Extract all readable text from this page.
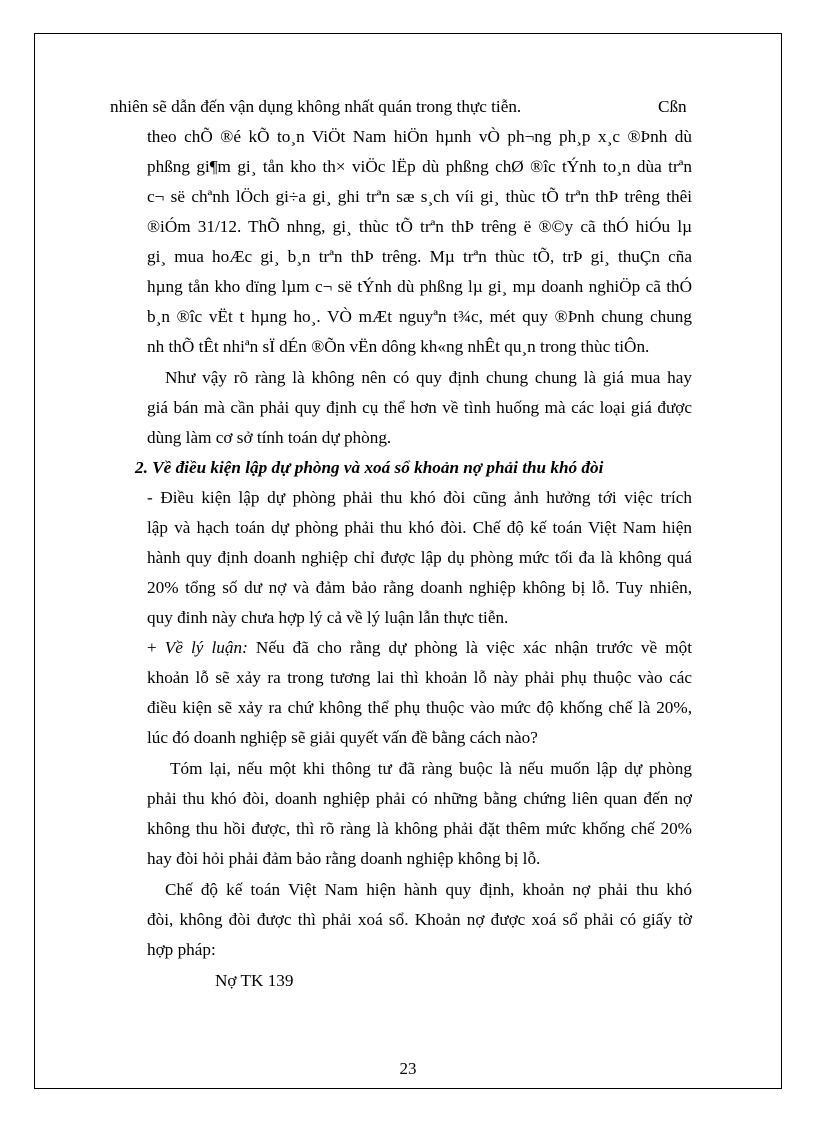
nhiên sẽ dẫn đến vận dụng không nhất quán trong thực tiễn.	Cßn
theo chÕ ®é kÕ to¸n ViÖt Nam hiÖn hµnh vÒ ph¬ng ph¸p x¸c ®Þnh dù
phßng gi¶m gi¸ tån kho th× viÖc lËp dù phßng chØ ®îc tÝnh to¸n dùa trªn
c¬ së chªnh lÖch gi÷a gi¸ ghi trªn sæ s¸ch víi gi¸ thùc tÕ trªn thÞ trêng thêi
®iÓm 31/12. ThÕ nhng, gi¸ thùc tÕ trªn thÞ trêng ë ®©y cã thÓ hiÓu lµ
gi¸ mua hoÆc gi¸ b¸n trªn thÞ trêng. Mµ trªn thùc tÕ, trÞ gi¸ thuÇn cña
hµng tån kho dïng lµm c¬ së tÝnh dù phßng lµ gi¸ mµ doanh nghiÖp cã thÓ
b¸n ®îc vËt t hµng ho¸. VÒ mÆt nguyªn t¾c, mét quy ®Þnh chung chung
nh thÕ tÊt nhiªn sÏ dÉn ®Õn vËn dông kh«ng nhÊt qu¸n trong thùc tiÔn.
Như vậy rõ ràng là không nên có quy định chung chung là giá mua hay
giá bán mà cần phải quy định cụ thể hơn về tình huống mà các loại giá được
dùng làm cơ sở tính toán dự phòng.
2. Về điều kiện lập dự phòng và xoá sổ khoản nợ phải thu khó đòi
- Điều kiện lập dự phòng phải thu khó đòi cũng ảnh hưởng tới việc trích
lập và hạch toán dự phòng phải thu khó đòi. Chế độ kế toán Việt Nam hiện
hành quy định doanh nghiệp chỉ được lập dụ phòng mức tối đa là không quá
20% tổng số dư nợ và đảm bảo rằng doanh nghiệp không bị lỗ. Tuy nhiên,
quy đinh này chưa hợp lý cả về lý luận lẫn thực tiễn.
+ Về lý luận: Nếu đã cho rằng dự phòng là việc xác nhận trước về một
khoản lỗ sẽ xảy ra trong tương lai thì khoản lỗ này phải phụ thuộc vào các
điều kiện sẽ xảy ra chứ không thể phụ thuộc vào mức độ khống chế là 20%,
lúc đó doanh nghiệp sẽ giải quyết vấn đề bằng cách nào?
Tóm lại, nếu một khi thông tư đã ràng buộc là nếu muốn lập dự phòng
phải thu khó đòi, doanh nghiệp phải có những bằng chứng liên quan đến nợ
không thu hồi được, thì rõ ràng là không phải đặt thêm mức khống chế 20%
hay đòi hỏi phải đảm bảo rằng doanh nghiệp không bị lỗ.
Chế độ kế toán Việt Nam hiện hành quy định, khoản nợ phải thu khó
đòi, không đòi được thì phải xoá sổ. Khoản nợ được xoá sổ phải có giấy tờ
hợp pháp:
Nợ TK 139
23
